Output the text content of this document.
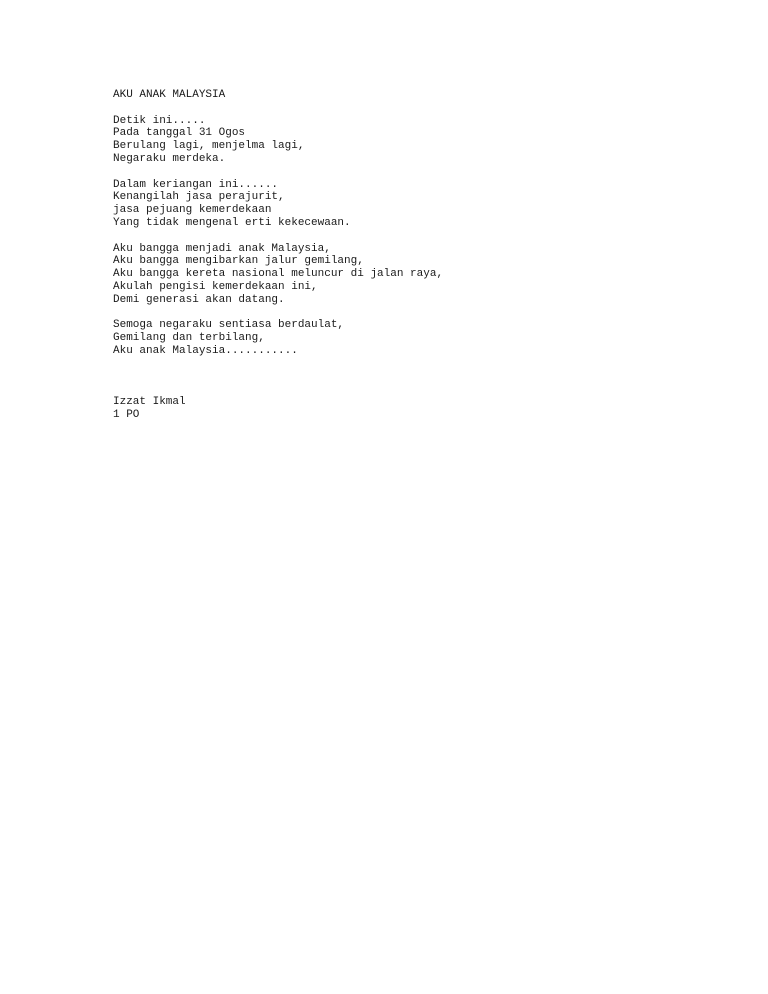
AKU ANAK MALAYSIA
Detik ini.....
Pada tanggal 31 Ogos
Berulang lagi, menjelma lagi,
Negaraku merdeka.
Dalam keriangan ini......
Kenangilah jasa perajurit,
jasa pejuang kemerdekaan
Yang tidak mengenal erti kekecewaan.
Aku bangga menjadi anak Malaysia,
Aku bangga mengibarkan jalur gemilang,
Aku bangga kereta nasional meluncur di jalan raya,
Akulah pengisi kemerdekaan ini,
Demi generasi akan datang.
Semoga negaraku sentiasa berdaulat,
Gemilang dan terbilang,
Aku anak Malaysia...........
Izzat Ikmal
1 PO
